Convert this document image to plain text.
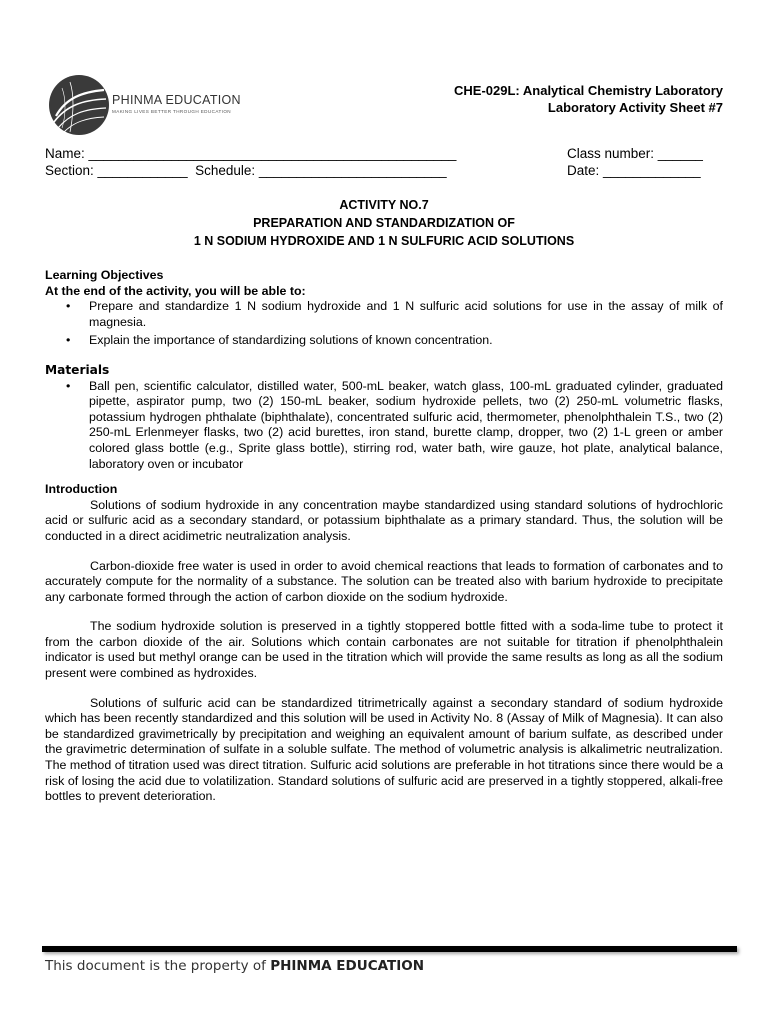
PHINMA EDUCATION
MAKING LIVES BETTER THROUGH EDUCATION
CHE-029L: Analytical Chemistry Laboratory
Laboratory Activity Sheet #7
Name: _________________________________________________	Class number: ______
Section: ____________  Schedule: _________________________	Date: _____________
ACTIVITY NO.7
PREPARATION AND STANDARDIZATION OF
1 N SODIUM HYDROXIDE AND 1 N SULFURIC ACID SOLUTIONS
Learning Objectives
At the end of the activity, you will be able to:
• Prepare and standardize 1 N sodium hydroxide and 1 N sulfuric acid solutions for use in the assay of milk of magnesia.
• Explain the importance of standardizing solutions of known concentration.
Materials
• Ball pen, scientific calculator, distilled water, 500-mL beaker, watch glass, 100-mL graduated cylinder, graduated pipette, aspirator pump, two (2) 150-mL beaker, sodium hydroxide pellets, two (2) 250-mL volumetric flasks, potassium hydrogen phthalate (biphthalate), concentrated sulfuric acid, thermometer, phenolphthalein T.S., two (2) 250-mL Erlenmeyer flasks, two (2) acid burettes, iron stand, burette clamp, dropper, two (2) 1-L green or amber colored glass bottle (e.g., Sprite glass bottle), stirring rod, water bath, wire gauze, hot plate, analytical balance, laboratory oven or incubator
Introduction

Solutions of sodium hydroxide in any concentration maybe standardized using standard solutions of hydrochloric acid or sulfuric acid as a secondary standard, or potassium biphthalate as a primary standard. Thus, the solution will be conducted in a direct acidimetric neutralization analysis.

Carbon-dioxide free water is used in order to avoid chemical reactions that leads to formation of carbonates and to accurately compute for the normality of a substance. The solution can be treated also with barium hydroxide to precipitate any carbonate formed through the action of carbon dioxide on the sodium hydroxide.

The sodium hydroxide solution is preserved in a tightly stoppered bottle fitted with a soda-lime tube to protect it from the carbon dioxide of the air. Solutions which contain carbonates are not suitable for titration if phenolphthalein indicator is used but methyl orange can be used in the titration which will provide the same results as long as all the sodium present were combined as hydroxides.

Solutions of sulfuric acid can be standardized titrimetrically against a secondary standard of sodium hydroxide which has been recently standardized and this solution will be used in Activity No. 8 (Assay of Milk of Magnesia). It can also be standardized gravimetrically by precipitation and weighing an equivalent amount of barium sulfate, as described under the gravimetric determination of sulfate in a soluble sulfate. The method of volumetric analysis is alkalimetric neutralization. The method of titration used was direct titration. Sulfuric acid solutions are preferable in hot titrations since there would be a risk of losing the acid due to volatilization. Standard solutions of sulfuric acid are preserved in a tightly stoppered, alkali-free bottles to prevent deterioration.

This document is the property of PHINMA EDUCATION
